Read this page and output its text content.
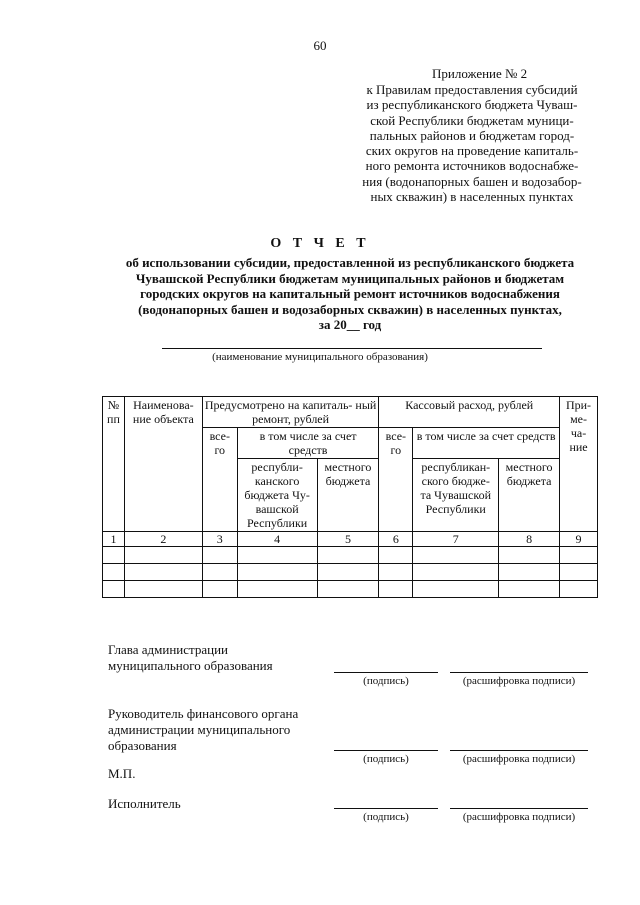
60
Приложение № 2
к Правилам предоставления субсидий
из республиканского бюджета Чуваш-
ской Республики бюджетам муници-
пальных районов и бюджетам город-
ских округов на проведение капиталь-
ного ремонта источников водоснабже-
ния (водонапорных башен и водозабор-
ных скважин) в населенных пунктах
О Т Ч Е Т
об использовании субсидии, предоставленной из республиканского бюджета
Чувашской Республики бюджетам муниципальных районов и бюджетам
городских округов на капитальный ремонт источников водоснабжения
(водонапорных башен и водозаборных скважин) в населенных пунктах,
за 20__ год
(наименование муниципального образования)
№ пп	Наименова- ние объекта	Предусмотрено на капиталь- ный ремонт, рублей			Кассовый расход, рублей			При- ме- ча- ние
		все- го	в том числе за счет средств		все- го	в том числе за счет средств		
			республи- канского бюджета Чу- вашской Республики	местного бюджета		республикан- ского бюдже- та Чувашской Республики	местного бюджета	
1	2	3	4	5	6	7	8	9

Глава администрации
муниципального образования
(подпись)	(расшифровка подписи)
Руководитель финансового органа
администрации муниципального
образования
(подпись)	(расшифровка подписи)
М.П.
Исполнитель
(подпись)	(расшифровка подписи)
